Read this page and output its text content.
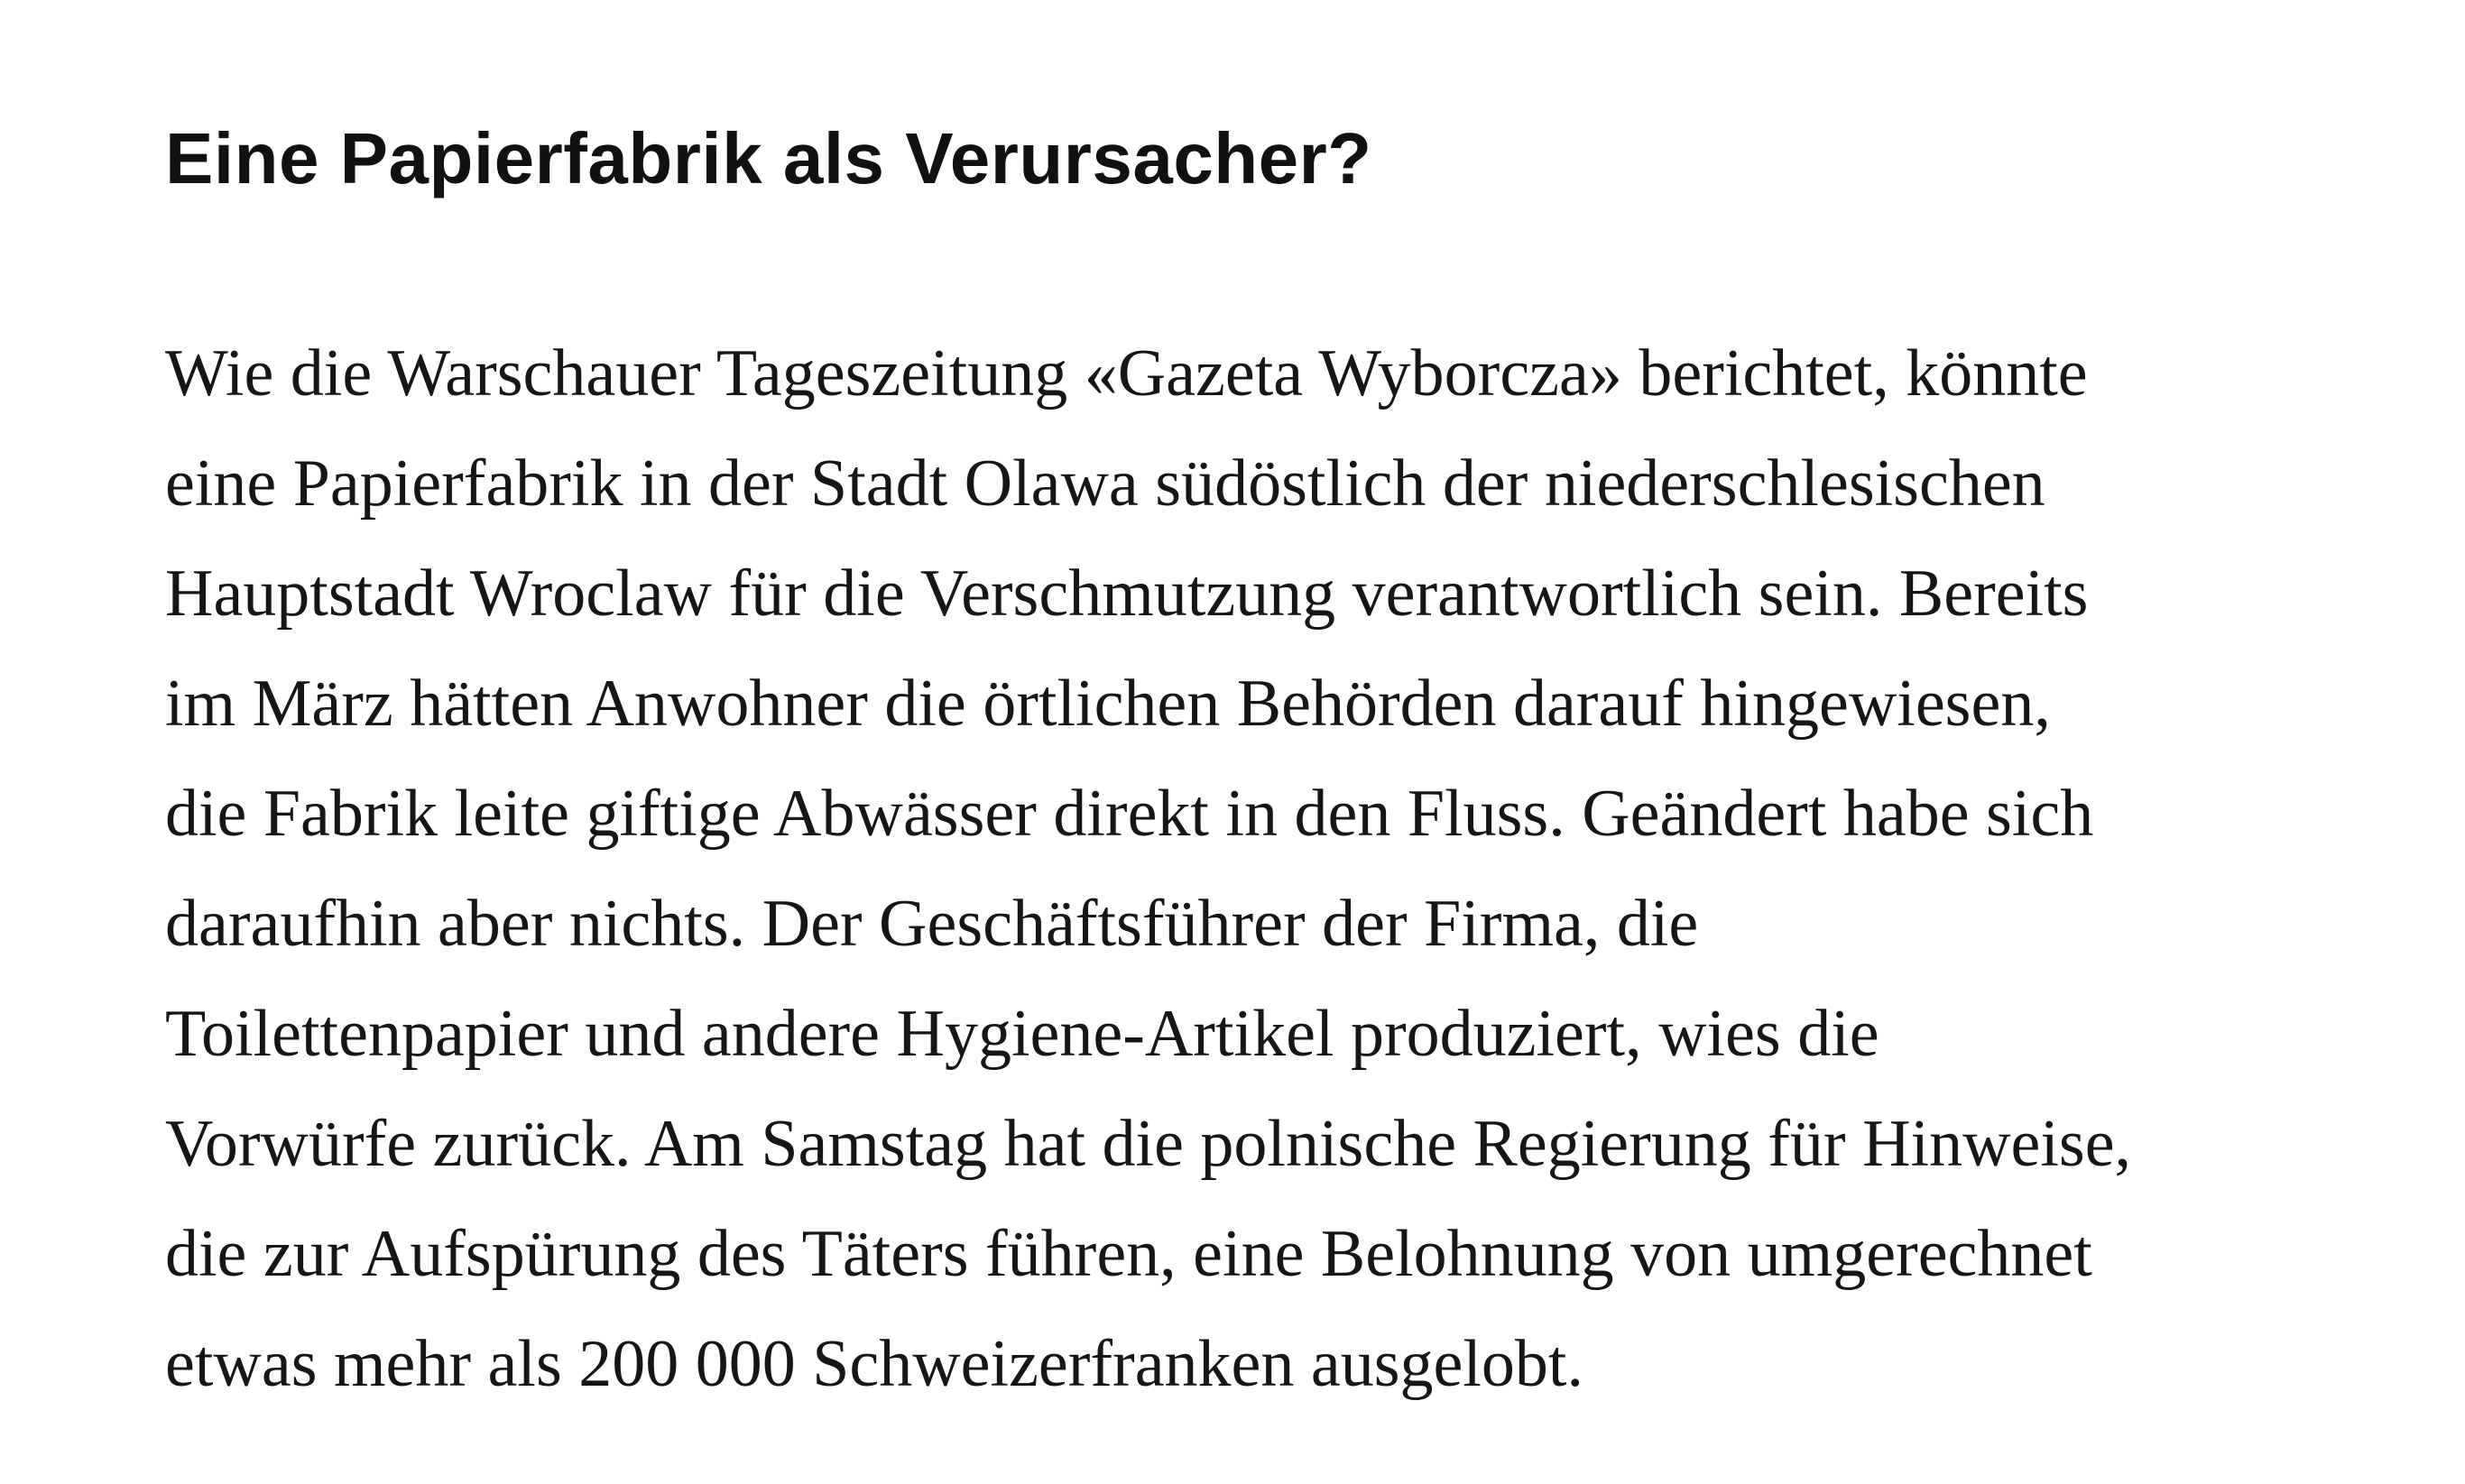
Eine Papierfabrik als Verursacher?
Wie die Warschauer Tageszeitung «Gazeta Wyborcza» berichtet, könnte
eine Papierfabrik in der Stadt Olawa südöstlich der niederschlesischen
Hauptstadt Wroclaw für die Verschmutzung verantwortlich sein. Bereits
im März hätten Anwohner die örtlichen Behörden darauf hingewiesen,
die Fabrik leite giftige Abwässer direkt in den Fluss. Geändert habe sich
daraufhin aber nichts. Der Geschäftsführer der Firma, die
Toilettenpapier und andere Hygiene-Artikel produziert, wies die
Vorwürfe zurück. Am Samstag hat die polnische Regierung für Hinweise,
die zur Aufspürung des Täters führen, eine Belohnung von umgerechnet
etwas mehr als 200 000 Schweizerfranken ausgelobt.
